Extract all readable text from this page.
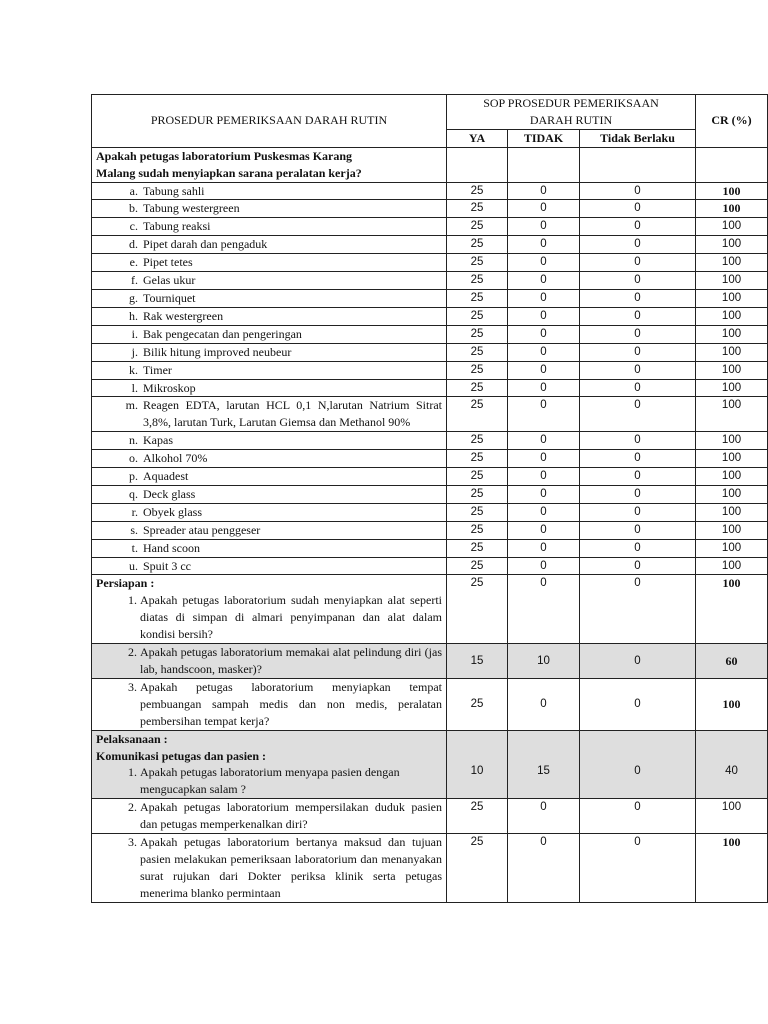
PROSEDUR PEMERIKSAAN DARAH RUTIN	SOP PROSEDUR PEMERIKSAAN
DARAH RUTIN			CR (%)
	YA	TIDAK	Tidak Berlaku	

Apakah petugas laboratorium Puskesmas Karang
Malang sudah menyiapkan sarana peralatan kerja?				

a. Tabung sahli	25	0	0	100

b. Tabung westergreen	25	0	0	100

c. Tabung reaksi	25	0	0	100

d. Pipet darah dan pengaduk	25	0	0	100

e. Pipet tetes	25	0	0	100

f. Gelas ukur	25	0	0	100

g. Tourniquet	25	0	0	100

h. Rak westergreen	25	0	0	100

i. Bak pengecatan dan pengeringan	25	0	0	100

j. Bilik hitung improved neubeur	25	0	0	100

k. Timer	25	0	0	100

l. Mikroskop	25	0	0	100

m. Reagen EDTA, larutan HCL 0,1 N,larutan Natrium Sitrat 3,8%, larutan Turk, Larutan Giemsa dan Methanol 90%	25	0	0	100

n. Kapas	25	0	0	100

o. Alkohol 70%	25	0	0	100

p. Aquadest	25	0	0	100

q. Deck glass	25	0	0	100

r. Obyek glass	25	0	0	100

s. Spreader atau penggeser	25	0	0	100

t. Hand scoon	25	0	0	100

u. Spuit 3 cc	25	0	0	100

Persiapan :
1. Apakah petugas laboratorium sudah menyiapkan alat seperti diatas di simpan di almari penyimpanan dan alat dalam kondisi bersih?	25	0	0	100

2. Apakah petugas laboratorium memakai alat pelindung diri (jas lab, handscoon, masker)?	15	10	0	60

3. Apakah petugas laboratorium menyiapkan tempat pembuangan sampah medis dan non medis, peralatan pembersihan tempat kerja?	25	0	0	100

Pelaksanaan :
Komunikasi petugas dan pasien :
1. Apakah petugas laboratorium menyapa pasien dengan mengucapkan salam ?	10	15	0	40

2. Apakah petugas laboratorium mempersilakan duduk pasien dan petugas memperkenalkan diri?	25	0	0	100

3. Apakah petugas laboratorium bertanya maksud dan tujuan pasien melakukan pemeriksaan laboratorium dan menanyakan surat rujukan dari Dokter periksa klinik serta petugas menerima blanko permintaan	25	0	0	100
